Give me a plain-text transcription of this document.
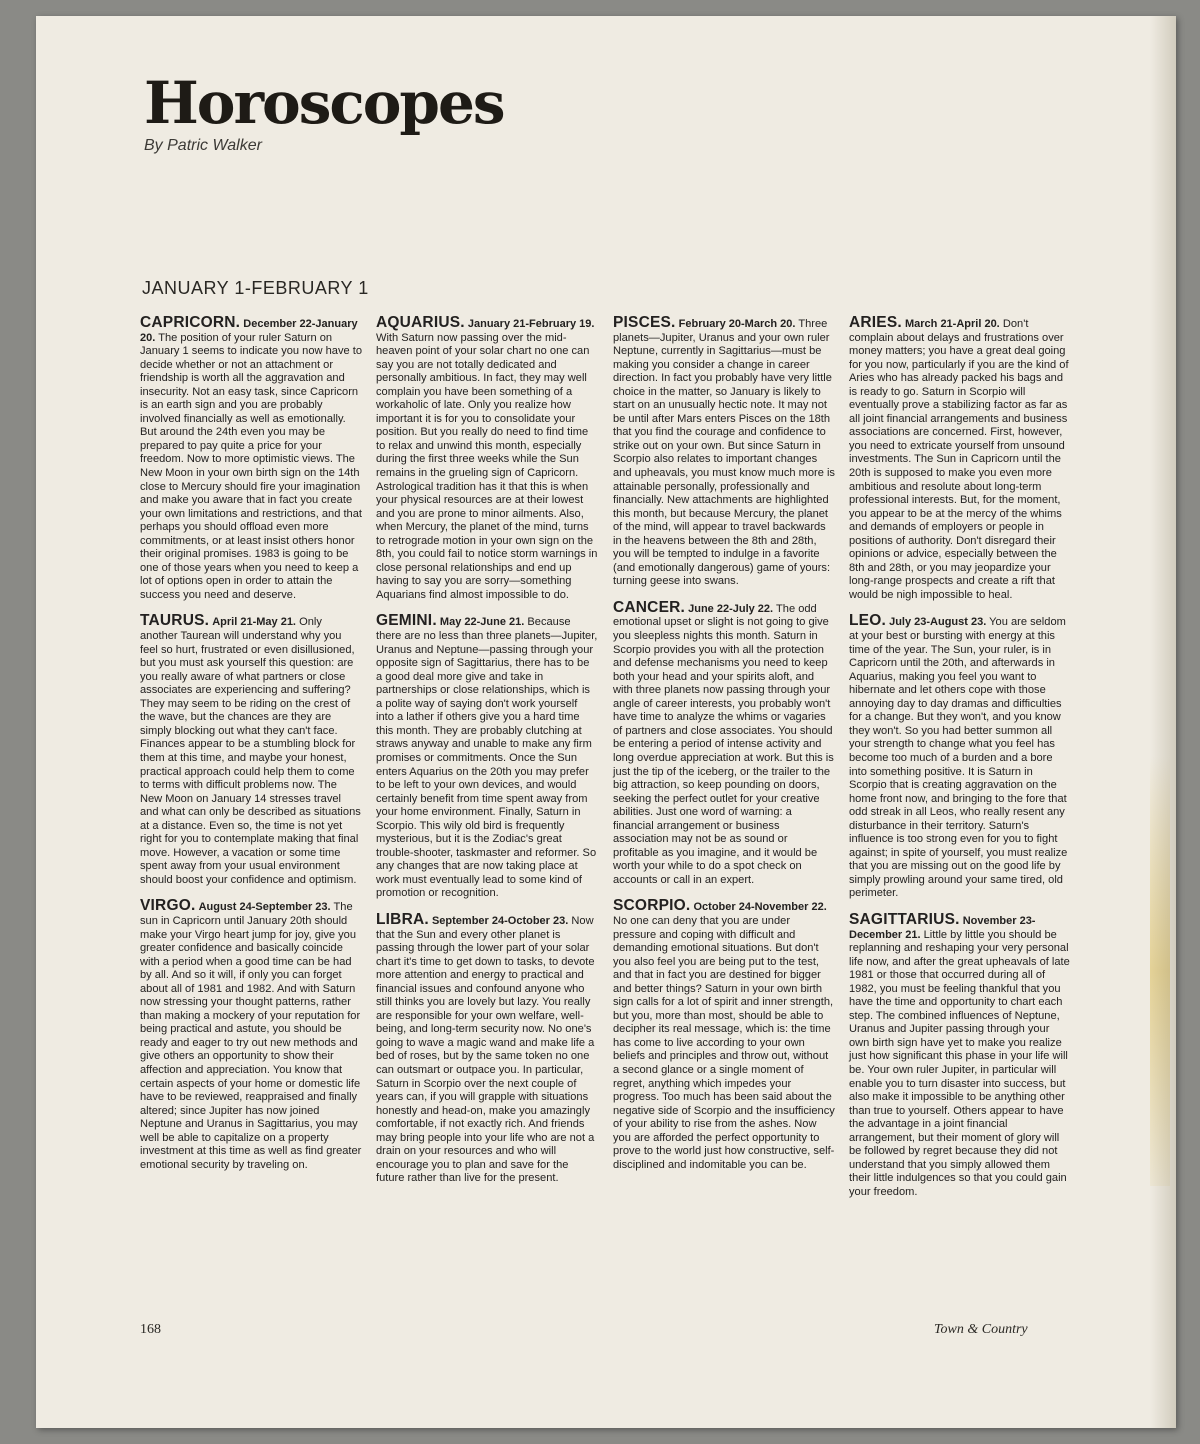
Horoscopes
By Patric Walker
JANUARY 1-FEBRUARY 1

CAPRICORN. December 22-January 20. The position of your ruler Saturn on January 1 seems to indicate you now have to decide whether or not an attachment or friendship is worth all the aggravation and insecurity. Not an easy task, since Capricorn is an earth sign and you are probably involved financially as well as emotionally. But around the 24th even you may be prepared to pay quite a price for your freedom. Now to more optimistic views. The New Moon in your own birth sign on the 14th close to Mercury should fire your imagination and make you aware that in fact you create your own limitations and restrictions, and that perhaps you should offload even more commitments, or at least insist others honor their original promises. 1983 is going to be one of those years when you need to keep a lot of options open in order to attain the success you need and deserve.

TAURUS. April 21-May 21. Only another Taurean will understand why you feel so hurt, frustrated or even disillusioned, but you must ask yourself this question: are you really aware of what partners or close associates are experiencing and suffering? They may seem to be riding on the crest of the wave, but the chances are they are simply blocking out what they can't face. Finances appear to be a stumbling block for them at this time, and maybe your honest, practical approach could help them to come to terms with difficult problems now. The New Moon on January 14 stresses travel and what can only be described as situations at a distance. Even so, the time is not yet right for you to contemplate making that final move. However, a vacation or some time spent away from your usual environment should boost your confidence and optimism.

VIRGO. August 24-September 23. The sun in Capricorn until January 20th should make your Virgo heart jump for joy, give you greater confidence and basically coincide with a period when a good time can be had by all. And so it will, if only you can forget about all of 1981 and 1982. And with Saturn now stressing your thought patterns, rather than making a mockery of your reputation for being practical and astute, you should be ready and eager to try out new methods and give others an opportunity to show their affection and appreciation. You know that certain aspects of your home or domestic life have to be reviewed, reappraised and finally altered; since Jupiter has now joined Neptune and Uranus in Sagittarius, you may well be able to capitalize on a property investment at this time as well as find greater emotional security by traveling on.

AQUARIUS. January 21-February 19. With Saturn now passing over the mid-heaven point of your solar chart no one can say you are not totally dedicated and personally ambitious. In fact, they may well complain you have been something of a workaholic of late. Only you realize how important it is for you to consolidate your position. But you really do need to find time to relax and unwind this month, especially during the first three weeks while the Sun remains in the grueling sign of Capricorn. Astrological tradition has it that this is when your physical resources are at their lowest and you are prone to minor ailments. Also, when Mercury, the planet of the mind, turns to retrograde motion in your own sign on the 8th, you could fail to notice storm warnings in close personal relationships and end up having to say you are sorry—something Aquarians find almost impossible to do.

GEMINI. May 22-June 21. Because there are no less than three planets—Jupiter, Uranus and Neptune—passing through your opposite sign of Sagittarius, there has to be a good deal more give and take in partnerships or close relationships, which is a polite way of saying don't work yourself into a lather if others give you a hard time this month. They are probably clutching at straws anyway and unable to make any firm promises or commitments. Once the Sun enters Aquarius on the 20th you may prefer to be left to your own devices, and would certainly benefit from time spent away from your home environment. Finally, Saturn in Scorpio. This wily old bird is frequently mysterious, but it is the Zodiac's great trouble-shooter, taskmaster and reformer. So any changes that are now taking place at work must eventually lead to some kind of promotion or recognition.

LIBRA. September 24-October 23. Now that the Sun and every other planet is passing through the lower part of your solar chart it's time to get down to tasks, to devote more attention and energy to practical and financial issues and confound anyone who still thinks you are lovely but lazy. You really are responsible for your own welfare, well-being, and long-term security now. No one's going to wave a magic wand and make life a bed of roses, but by the same token no one can outsmart or outpace you. In particular, Saturn in Scorpio over the next couple of years can, if you will grapple with situations honestly and head-on, make you amazingly comfortable, if not exactly rich. And friends may bring people into your life who are not a drain on your resources and who will encourage you to plan and save for the future rather than live for the present.

PISCES. February 20-March 20. Three planets—Jupiter, Uranus and your own ruler Neptune, currently in Sagittarius—must be making you consider a change in career direction. In fact you probably have very little choice in the matter, so January is likely to start on an unusually hectic note. It may not be until after Mars enters Pisces on the 18th that you find the courage and confidence to strike out on your own. But since Saturn in Scorpio also relates to important changes and upheavals, you must know much more is attainable personally, professionally and financially. New attachments are highlighted this month, but because Mercury, the planet of the mind, will appear to travel backwards in the heavens between the 8th and 28th, you will be tempted to indulge in a favorite (and emotionally dangerous) game of yours: turning geese into swans.

CANCER. June 22-July 22. The odd emotional upset or slight is not going to give you sleepless nights this month. Saturn in Scorpio provides you with all the protection and defense mechanisms you need to keep both your head and your spirits aloft, and with three planets now passing through your angle of career interests, you probably won't have time to analyze the whims or vagaries of partners and close associates. You should be entering a period of intense activity and long overdue appreciation at work. But this is just the tip of the iceberg, or the trailer to the big attraction, so keep pounding on doors, seeking the perfect outlet for your creative abilities. Just one word of warning: a financial arrangement or business association may not be as sound or profitable as you imagine, and it would be worth your while to do a spot check on accounts or call in an expert.

SCORPIO. October 24-November 22. No one can deny that you are under pressure and coping with difficult and demanding emotional situations. But don't you also feel you are being put to the test, and that in fact you are destined for bigger and better things? Saturn in your own birth sign calls for a lot of spirit and inner strength, but you, more than most, should be able to decipher its real message, which is: the time has come to live according to your own beliefs and principles and throw out, without a second glance or a single moment of regret, anything which impedes your progress. Too much has been said about the negative side of Scorpio and the insufficiency of your ability to rise from the ashes. Now you are afforded the perfect opportunity to prove to the world just how constructive, self-disciplined and indomitable you can be.

ARIES. March 21-April 20. Don't complain about delays and frustrations over money matters; you have a great deal going for you now, particularly if you are the kind of Aries who has already packed his bags and is ready to go. Saturn in Scorpio will eventually prove a stabilizing factor as far as all joint financial arrangements and business associations are concerned. First, however, you need to extricate yourself from unsound investments. The Sun in Capricorn until the 20th is supposed to make you even more ambitious and resolute about long-term professional interests. But, for the moment, you appear to be at the mercy of the whims and demands of employers or people in positions of authority. Don't disregard their opinions or advice, especially between the 8th and 28th, or you may jeopardize your long-range prospects and create a rift that would be nigh impossible to heal.

LEO. July 23-August 23. You are seldom at your best or bursting with energy at this time of the year. The Sun, your ruler, is in Capricorn until the 20th, and afterwards in Aquarius, making you feel you want to hibernate and let others cope with those annoying day to day dramas and difficulties for a change. But they won't, and you know they won't. So you had better summon all your strength to change what you feel has become too much of a burden and a bore into something positive. It is Saturn in Scorpio that is creating aggravation on the home front now, and bringing to the fore that odd streak in all Leos, who really resent any disturbance in their territory. Saturn's influence is too strong even for you to fight against; in spite of yourself, you must realize that you are missing out on the good life by simply prowling around your same tired, old perimeter.

SAGITTARIUS. November 23-December 21. Little by little you should be replanning and reshaping your very personal life now, and after the great upheavals of late 1981 or those that occurred during all of 1982, you must be feeling thankful that you have the time and opportunity to chart each step. The combined influences of Neptune, Uranus and Jupiter passing through your own birth sign have yet to make you realize just how significant this phase in your life will be. Your own ruler Jupiter, in particular will enable you to turn disaster into success, but also make it impossible to be anything other than true to yourself. Others appear to have the advantage in a joint financial arrangement, but their moment of glory will be followed by regret because they did not understand that you simply allowed them their little indulgences so that you could gain your freedom.

168	Town & Country
